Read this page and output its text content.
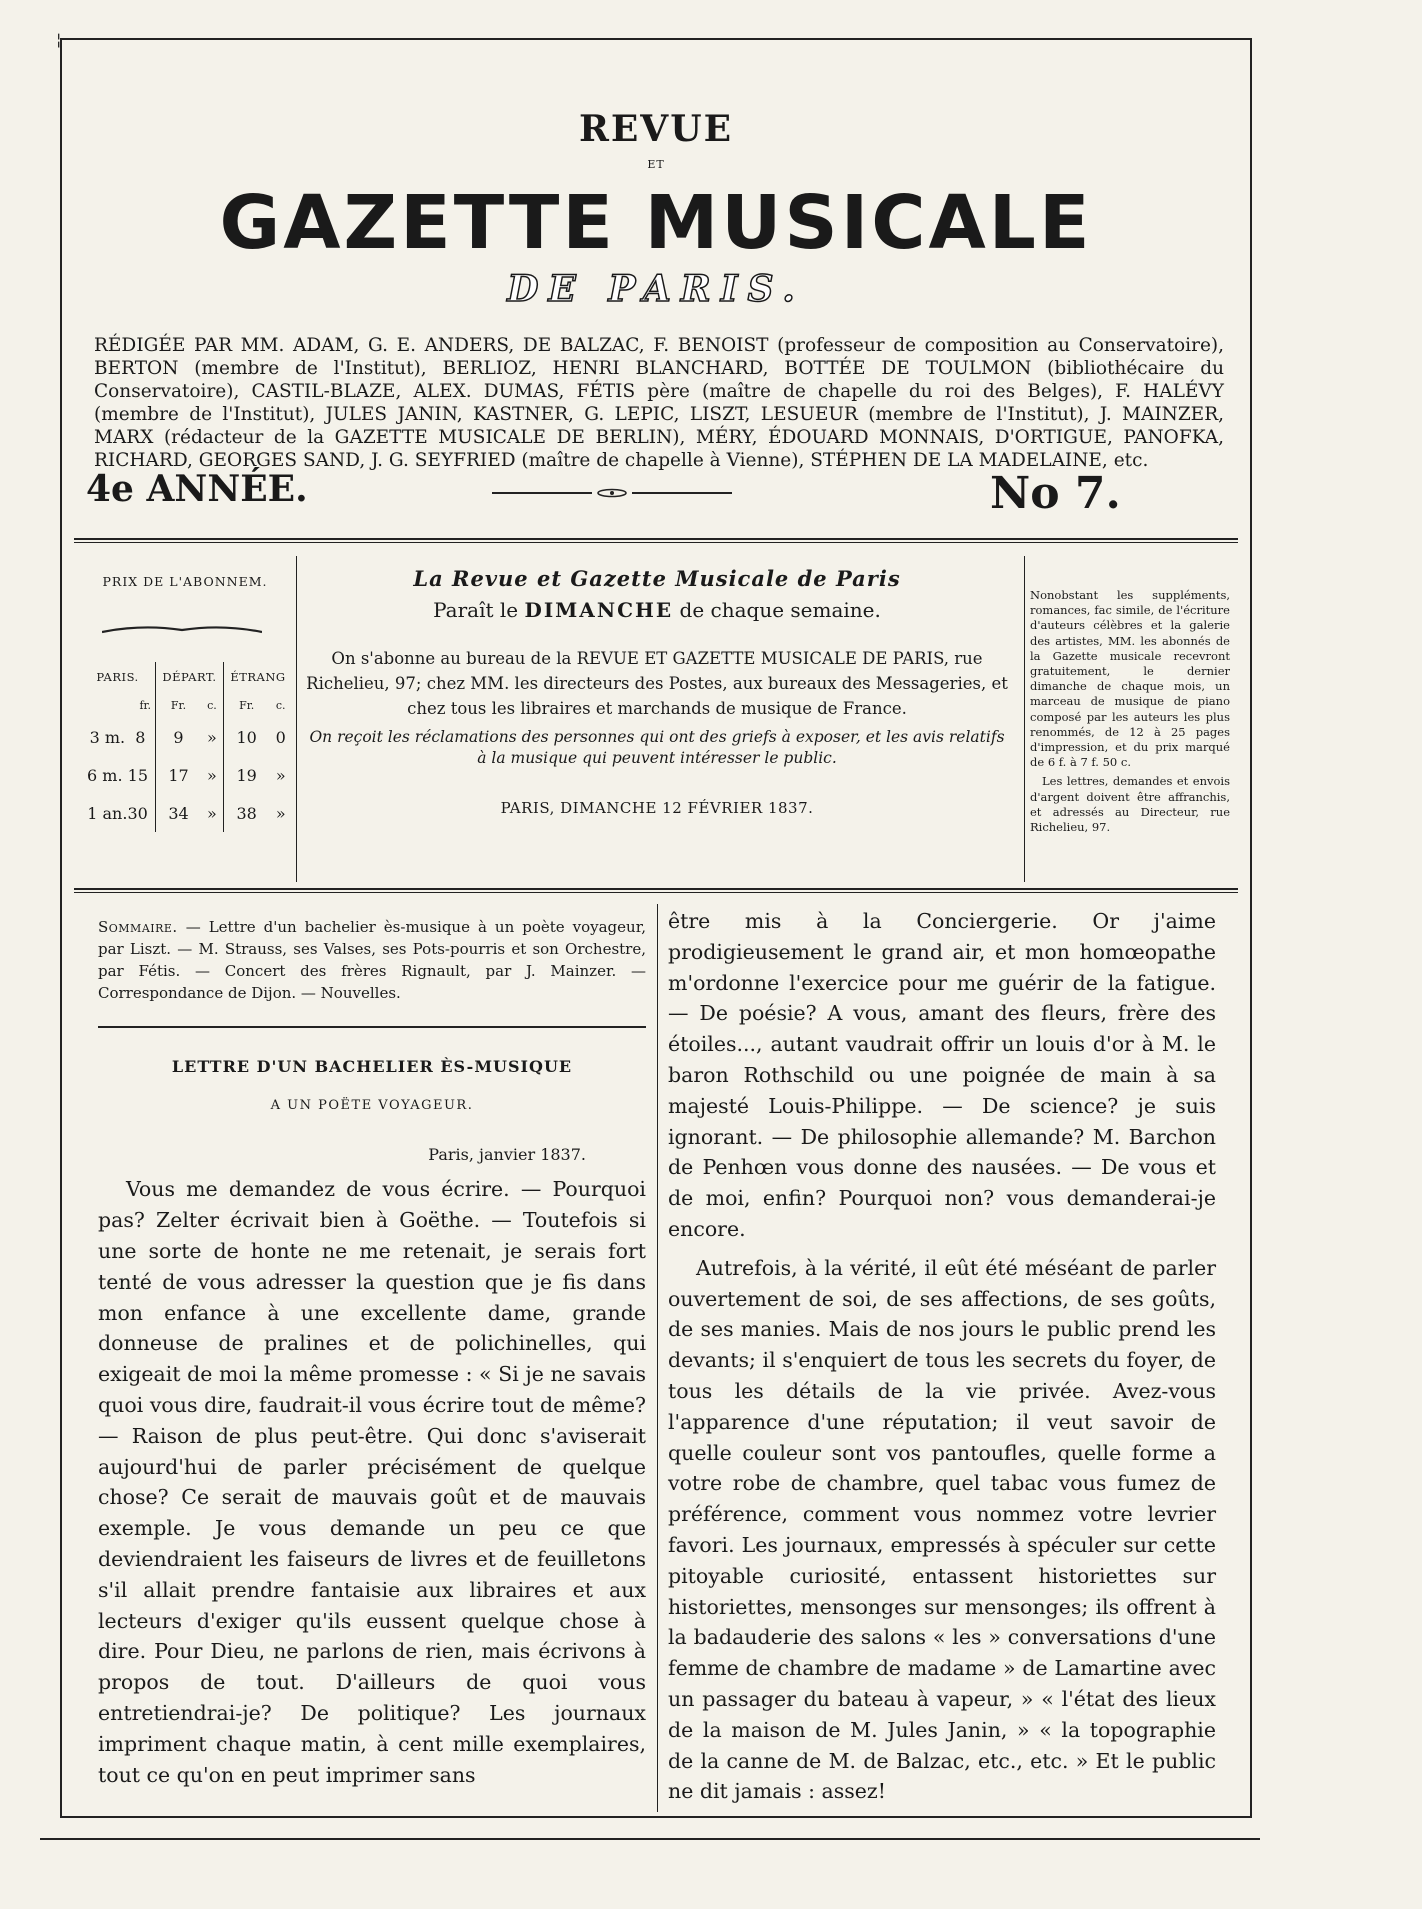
¦
REVUE
ET
GAZETTE MUSICALE
DE PARIS.
RÉDIGÉE PAR MM. ADAM, G. E. ANDERS, DE BALZAC, F. BENOIST (professeur de composition au Conservatoire), BERTON (membre de l'Institut), BERLIOZ, HENRI BLANCHARD, BOTTÉE DE TOULMON (bibliothécaire du Conservatoire), CASTIL-BLAZE, ALEX. DUMAS, FÉTIS père (maître de chapelle du roi des Belges), F. HALÉVY (membre de l'Institut), JULES JANIN, KASTNER, G. LEPIC, LISZT, LESUEUR (membre de l'Institut), J. MAINZER, MARX (rédacteur de la GAZETTE MUSICALE DE BERLIN), MÉRY, ÉDOUARD MONNAIS, D'ORTIGUE, PANOFKA, RICHARD, GEORGES SAND, J. G. SEYFRIED (maître de chapelle à Vienne), STÉPHEN DE LA MADELAINE, etc.
4e ANNÉE.	No 7.
PRIX DE L'ABONNEM.
PARIS.	DÉPART.		ÉTRANG	
fr.	Fr.	c.	Fr.	c.
3 m. 8	9	»	10	0
6 m. 15	17	»	19	»
1 an.30	34	»	38	»
La Revue et Gazette Musicale de Paris
Paraît le DIMANCHE de chaque semaine.
On s'abonne au bureau de la REVUE ET GAZETTE MUSICALE DE PARIS, rue Richelieu, 97; chez MM. les directeurs des Postes, aux bureaux des Messageries, et chez tous les libraires et marchands de musique de France.
On reçoit les réclamations des personnes qui ont des griefs à exposer, et les avis relatifs à la musique qui peuvent intéresser le public.
PARIS, DIMANCHE 12 FÉVRIER 1837.

Nonobstant les suppléments, romances, fac simile, de l'écriture d'auteurs célèbres et la galerie des artistes, MM. les abonnés de la Gazette musicale recevront gratuitement, le dernier dimanche de chaque mois, un marceau de musique de piano composé par les auteurs les plus renommés, de 12 à 25 pages d'impression, et du prix marqué de 6 f. à 7 f. 50 c.

Les lettres, demandes et envois d'argent doivent être affranchis, et adressés au Directeur, rue Richelieu, 97.

Sommaire. — Lettre d'un bachelier ès-musique à un poète voyageur, par Liszt. — M. Strauss, ses Valses, ses Pots-pourris et son Orchestre, par Fétis. — Concert des frères Rignault, par J. Mainzer. — Correspondance de Dijon. — Nouvelles.
LETTRE D'UN BACHELIER ÈS-MUSIQUE
A UN POËTE VOYAGEUR.
Paris, janvier 1837.

Vous me demandez de vous écrire. — Pourquoi pas? Zelter écrivait bien à Goëthe. — Toutefois si une sorte de honte ne me retenait, je serais fort tenté de vous adresser la question que je fis dans mon enfance à une excellente dame, grande donneuse de pralines et de polichinelles, qui exigeait de moi la même promesse : « Si je ne savais quoi vous dire, faudrait-il vous écrire tout de même? — Raison de plus peut-être. Qui donc s'aviserait aujourd'hui de parler précisément de quelque chose? Ce serait de mauvais goût et de mauvais exemple. Je vous demande un peu ce que deviendraient les faiseurs de livres et de feuilletons s'il allait prendre fantaisie aux libraires et aux lecteurs d'exiger qu'ils eussent quelque chose à dire. Pour Dieu, ne parlons de rien, mais écrivons à propos de tout. D'ailleurs de quoi vous entretiendrai-je? De politique? Les journaux impriment chaque matin, à cent mille exemplaires, tout ce qu'on en peut imprimer sans

être mis à la Conciergerie. Or j'aime prodigieusement le grand air, et mon homœopathe m'ordonne l'exercice pour me guérir de la fatigue. — De poésie? A vous, amant des fleurs, frère des étoiles..., autant vaudrait offrir un louis d'or à M. le baron Rothschild ou une poignée de main à sa majesté Louis-Philippe. — De science? je suis ignorant. — De philosophie allemande? M. Barchon de Penhœn vous donne des nausées. — De vous et de moi, enfin? Pourquoi non? vous demanderai-je encore.

Autrefois, à la vérité, il eût été méséant de parler ouvertement de soi, de ses affections, de ses goûts, de ses manies. Mais de nos jours le public prend les devants; il s'enquiert de tous les secrets du foyer, de tous les détails de la vie privée. Avez-vous l'apparence d'une réputation; il veut savoir de quelle couleur sont vos pantoufles, quelle forme a votre robe de chambre, quel tabac vous fumez de préférence, comment vous nommez votre levrier favori. Les journaux, empressés à spéculer sur cette pitoyable curiosité, entassent historiettes sur historiettes, mensonges sur mensonges; ils offrent à la badauderie des salons « les » conversations d'une femme de chambre de madame » de Lamartine avec un passager du bateau à vapeur, » « l'état des lieux de la maison de M. Jules Janin, » « la topographie de la canne de M. de Balzac, etc., etc. » Et le public ne dit jamais : assez!
